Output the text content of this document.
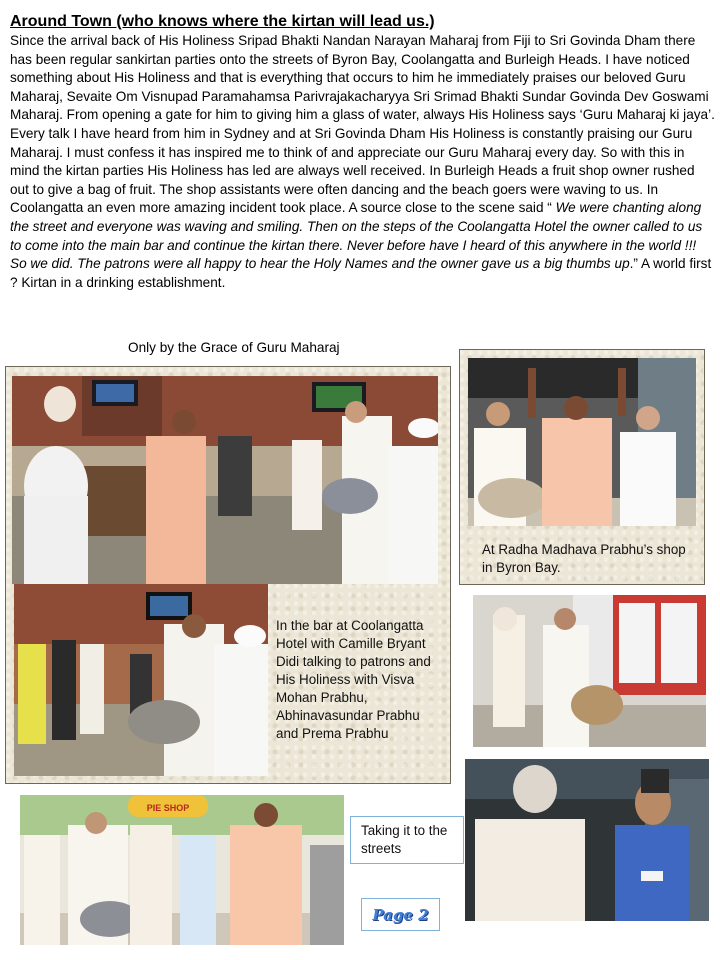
Around Town (who knows where the kirtan will lead us.)
Since the arrival back of His Holiness Sripad Bhakti Nandan Narayan Maharaj from Fiji to Sri Govinda Dham there has been regular sankirtan parties onto the streets of Byron Bay, Coolangatta and Burleigh Heads. I have noticed something about His Holiness and that is everything that occurs to him he immediately praises our beloved Guru Maharaj, Sevaite Om Visnupad Paramahamsa Parivrajakacharyya Sri Srimad Bhakti Sundar Govinda Dev Goswami Maharaj. From opening a gate for him to giving him a glass of water, always His Holiness says ‘Guru Maharaj ki jaya’. Every talk I have heard from him in Sydney and at Sri Govinda Dham His Holiness is constantly praising our Guru Maharaj. I must confess it has inspired me to think of and appreciate our Guru Maharaj every day. So with this in mind the kirtan parties His Holiness has led are always well received. In Burleigh Heads a fruit shop owner rushed out to give a bag of fruit. The shop assistants were often dancing and the beach goers were waving to us. In Coolangatta an even more amazing incident took place. A source close to the scene said “ We were chanting along the street and everyone was waving and smiling. Then on the steps of the Coolangatta Hotel the owner called to us to come into the main bar and continue the kirtan there. Never before have I heard of this anywhere in the world !!! So we did. The patrons were all happy to hear the Holy Names and the owner gave us a big thumbs up.” A world first ? Kirtan in a drinking establishment.
Only by the Grace of Guru Maharaj
In the bar at Coolangatta Hotel with Camille Bryant Didi talking to patrons and His Holiness with Visva Mohan Prabhu, Abhinavasundar Prabhu and Prema Prabhu
At Radha Madhava Prabhu’s shop in Byron Bay.
PIE SHOP
Taking it to the streets
Page 2
